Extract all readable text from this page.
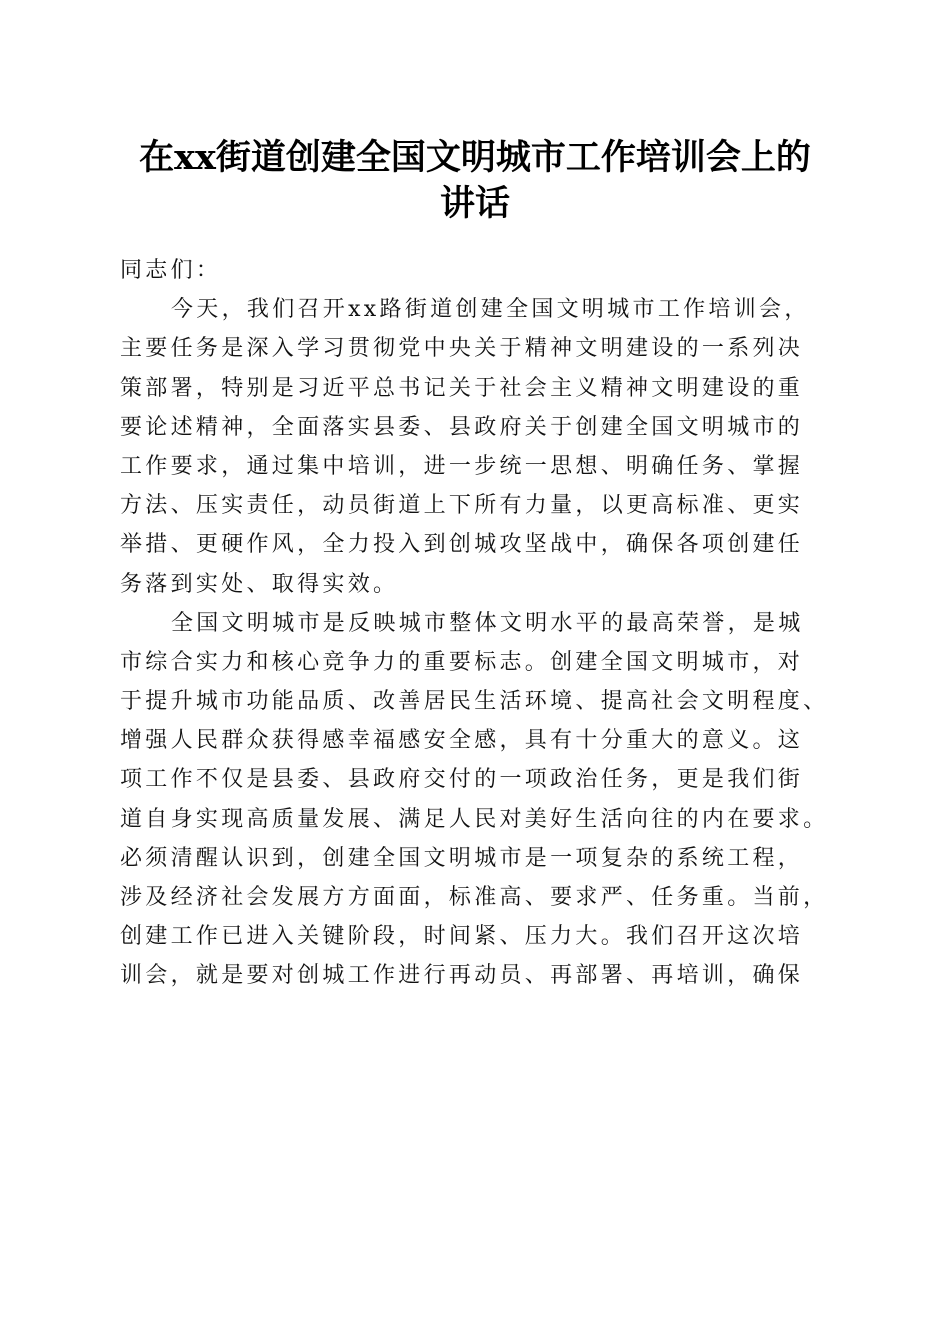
在xx街道创建全国文明城市工作培训会上的
讲话
同志们：
今天，我们召开xx路街道创建全国文明城市工作培训会，
主要任务是深入学习贯彻党中央关于精神文明建设的一系列决
策部署，特别是习近平总书记关于社会主义精神文明建设的重
要论述精神，全面落实县委、县政府关于创建全国文明城市的
工作要求，通过集中培训，进一步统一思想、明确任务、掌握
方法、压实责任，动员街道上下所有力量，以更高标准、更实
举措、更硬作风，全力投入到创城攻坚战中，确保各项创建任
务落到实处、取得实效。
全国文明城市是反映城市整体文明水平的最高荣誉，是城
市综合实力和核心竞争力的重要标志。创建全国文明城市，对
于提升城市功能品质、改善居民生活环境、提高社会文明程度、
增强人民群众获得感幸福感安全感，具有十分重大的意义。这
项工作不仅是县委、县政府交付的一项政治任务，更是我们街
道自身实现高质量发展、满足人民对美好生活向往的内在要求。
必须清醒认识到，创建全国文明城市是一项复杂的系统工程，
涉及经济社会发展方方面面，标准高、要求严、任务重。当前，
创建工作已进入关键阶段，时间紧、压力大。我们召开这次培
训会，就是要对创城工作进行再动员、再部署、再培训，确保
